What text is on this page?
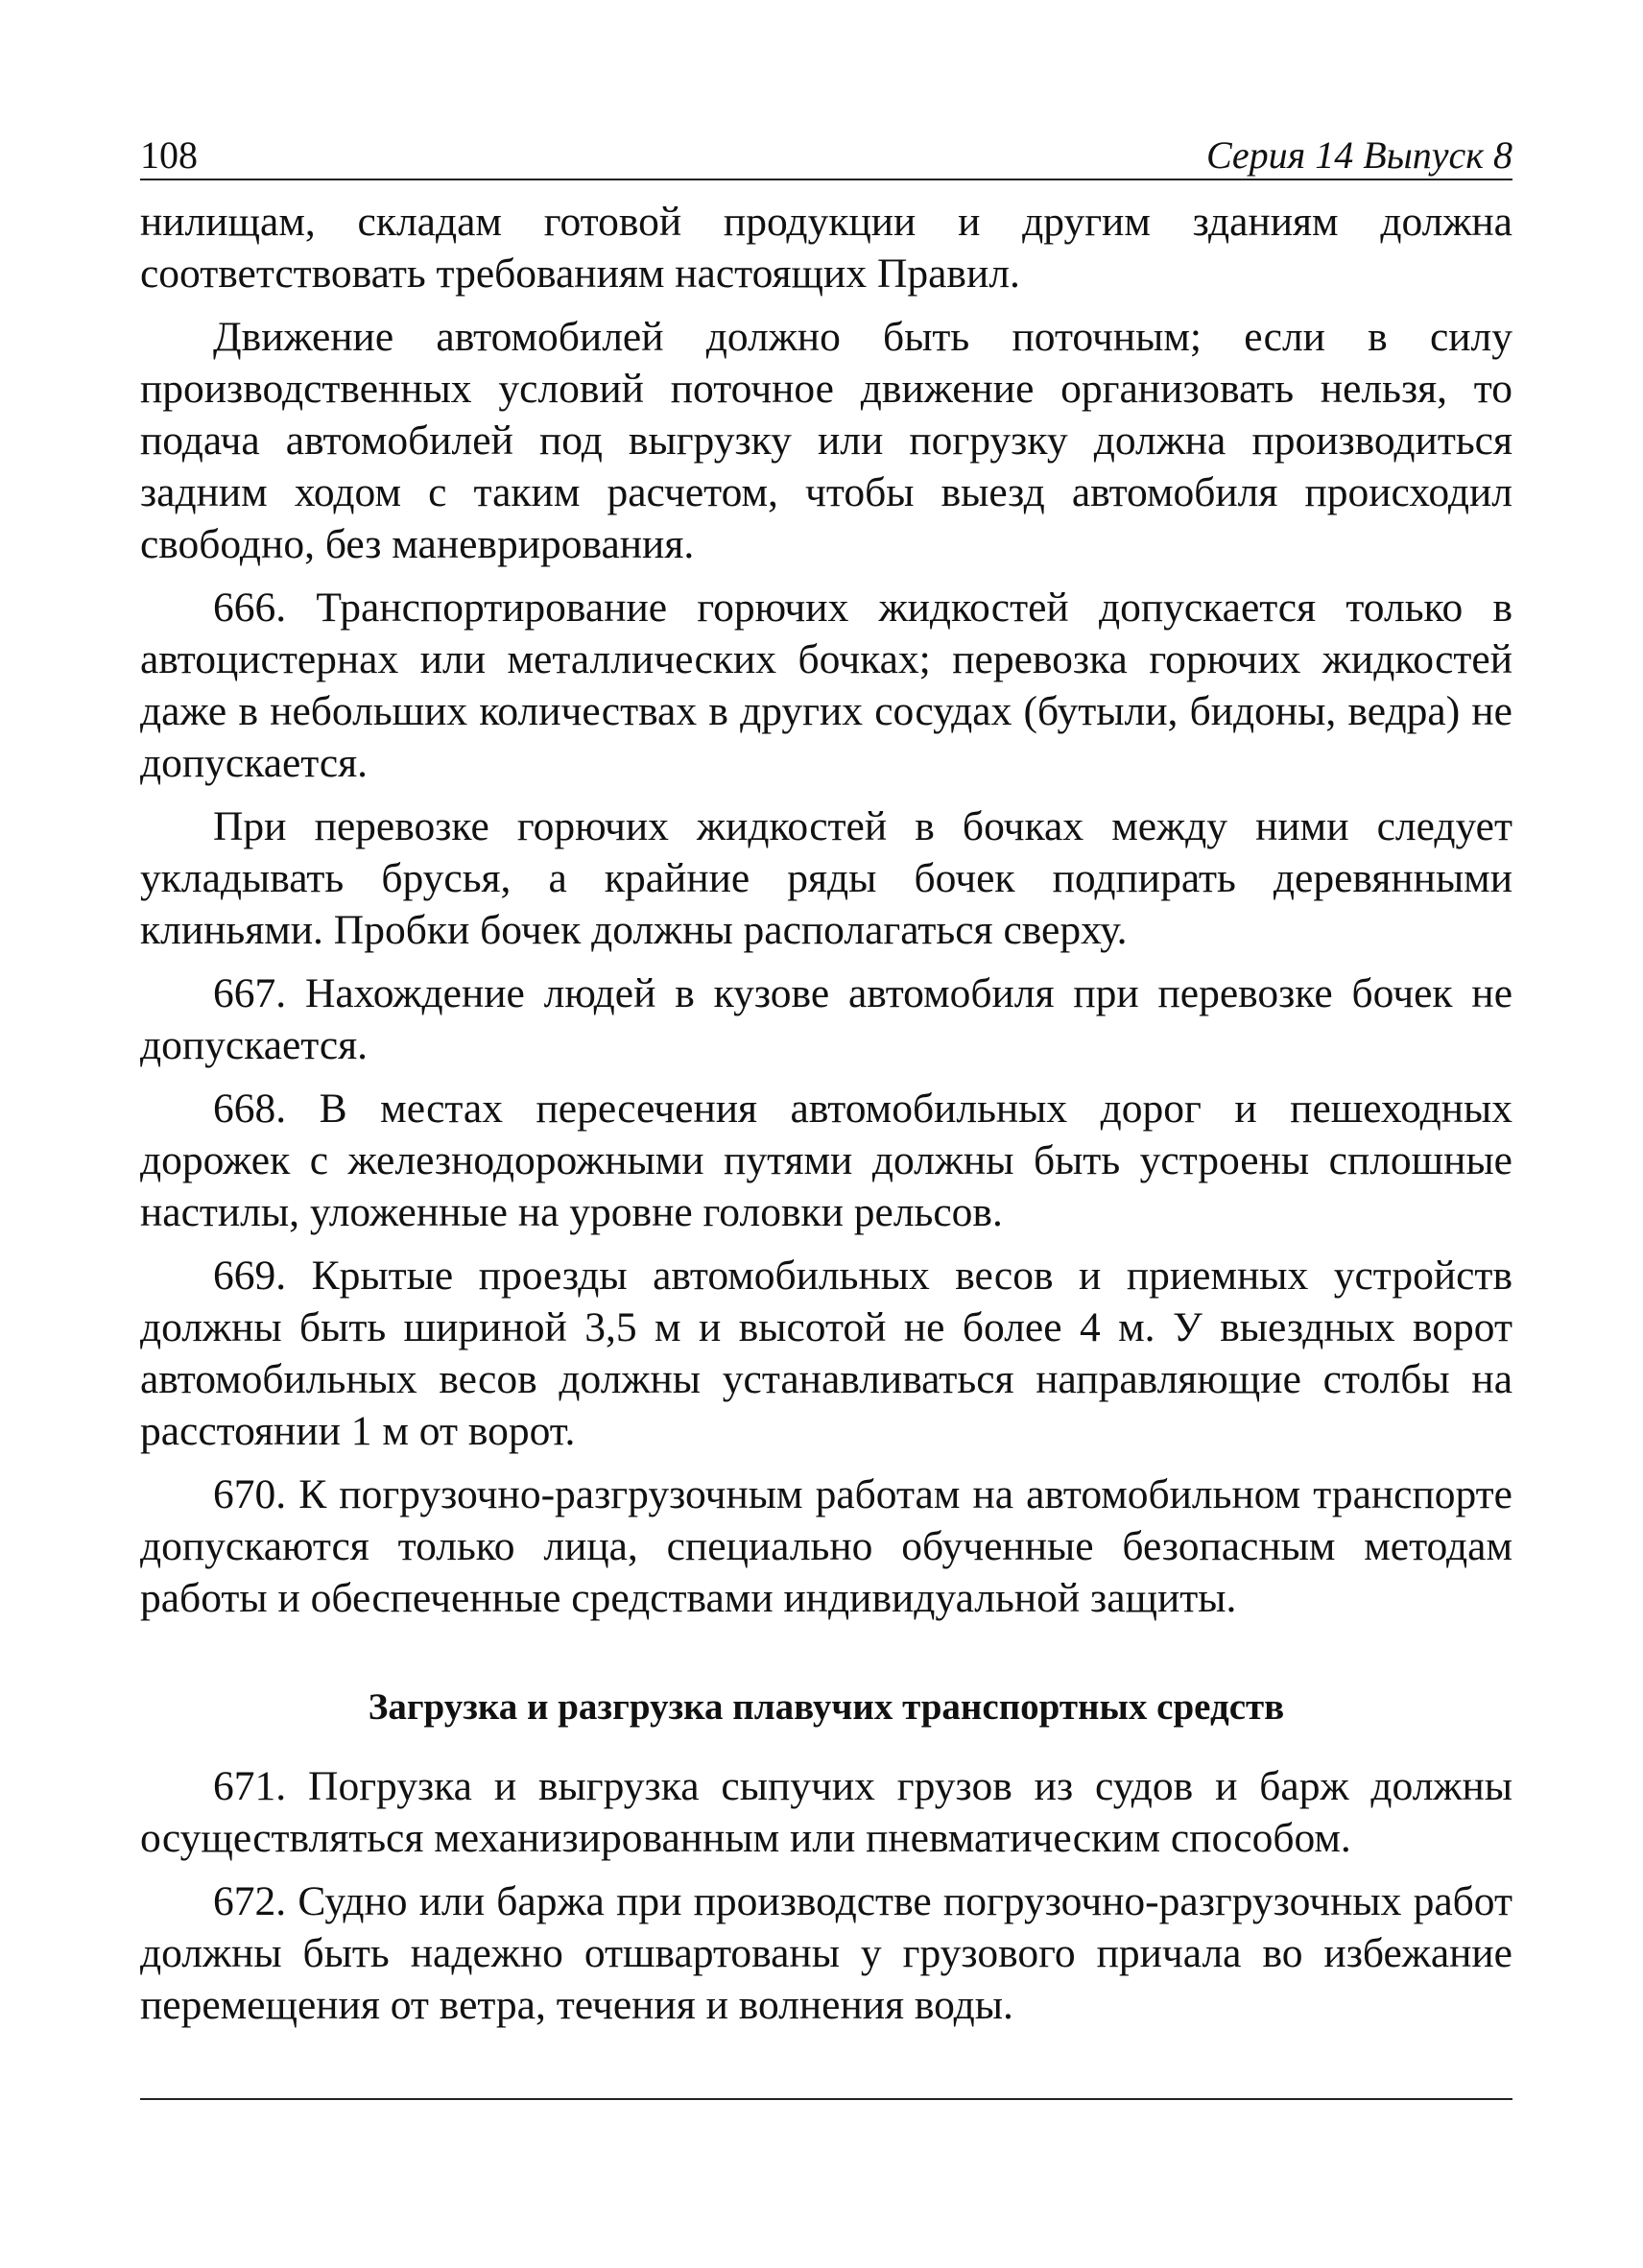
108	Серия 14 Выпуск 8

нилищам, складам готовой продукции и другим зданиям должна соответствовать требованиям настоящих Правил.

Движение автомобилей должно быть поточным; если в силу производственных условий поточное движение организовать нельзя, то подача автомобилей под выгрузку или погрузку должна производиться задним ходом с таким расчетом, чтобы выезд автомобиля происходил свободно, без маневрирования.

666. Транспортирование горючих жидкостей допускается только в автоцистернах или металлических бочках; перевозка горючих жидкостей даже в небольших количествах в других сосудах (бутыли, бидоны, ведра) не допускается.

При перевозке горючих жидкостей в бочках между ними следует укладывать брусья, а крайние ряды бочек подпирать деревянными клиньями. Пробки бочек должны располагаться сверху.

667. Нахождение людей в кузове автомобиля при перевозке бочек не допускается.

668. В местах пересечения автомобильных дорог и пешеходных дорожек с железнодорожными путями должны быть устроены сплошные настилы, уложенные на уровне головки рельсов.

669. Крытые проезды автомобильных весов и приемных устройств должны быть шириной 3,5 м и высотой не более 4 м. У выездных ворот автомобильных весов должны устанавливаться направляющие столбы на расстоянии 1 м от ворот.

670. К погрузочно-разгрузочным работам на автомобильном транспорте допускаются только лица, специально обученные безопасным методам работы и обеспеченные средствами индивидуальной защиты.

Загрузка и разгрузка плавучих транспортных средств

671. Погрузка и выгрузка сыпучих грузов из судов и барж должны осуществляться механизированным или пневматическим способом.

672. Судно или баржа при производстве погрузочно-разгрузочных работ должны быть надежно отшвартованы у грузового причала во избежание перемещения от ветра, течения и волнения воды.
